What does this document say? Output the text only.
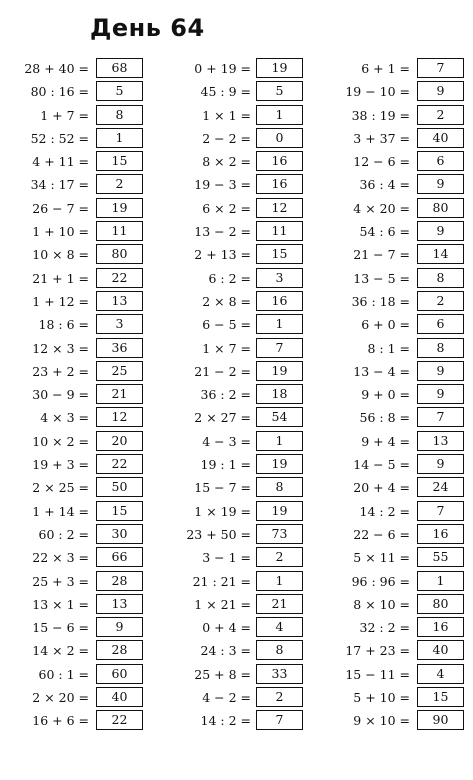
День 64
28 + 40 =	68
80 : 16 =	5
1 + 7 =	8
52 : 52 =	1
4 + 11 =	15
34 : 17 =	2
26 − 7 =	19
1 + 10 =	11
10 × 8 =	80
21 + 1 =	22
1 + 12 =	13
18 : 6 =	3
12 × 3 =	36
23 + 2 =	25
30 − 9 =	21
4 × 3 =	12
10 × 2 =	20
19 + 3 =	22
2 × 25 =	50
1 + 14 =	15
60 : 2 =	30
22 × 3 =	66
25 + 3 =	28
13 × 1 =	13
15 − 6 =	9
14 × 2 =	28
60 : 1 =	60
2 × 20 =	40
16 + 6 =	22
0 + 19 =	19
45 : 9 =	5
1 × 1 =	1
2 − 2 =	0
8 × 2 =	16
19 − 3 =	16
6 × 2 =	12
13 − 2 =	11
2 + 13 =	15
6 : 2 =	3
2 × 8 =	16
6 − 5 =	1
1 × 7 =	7
21 − 2 =	19
36 : 2 =	18
2 × 27 =	54
4 − 3 =	1
19 : 1 =	19
15 − 7 =	8
1 × 19 =	19
23 + 50 =	73
3 − 1 =	2
21 : 21 =	1
1 × 21 =	21
0 + 4 =	4
24 : 3 =	8
25 + 8 =	33
4 − 2 =	2
14 : 2 =	7
6 + 1 =	7
19 − 10 =	9
38 : 19 =	2
3 + 37 =	40
12 − 6 =	6
36 : 4 =	9
4 × 20 =	80
54 : 6 =	9
21 − 7 =	14
13 − 5 =	8
36 : 18 =	2
6 + 0 =	6
8 : 1 =	8
13 − 4 =	9
9 + 0 =	9
56 : 8 =	7
9 + 4 =	13
14 − 5 =	9
20 + 4 =	24
14 : 2 =	7
22 − 6 =	16
5 × 11 =	55
96 : 96 =	1
8 × 10 =	80
32 : 2 =	16
17 + 23 =	40
15 − 11 =	4
5 + 10 =	15
9 × 10 =	90
